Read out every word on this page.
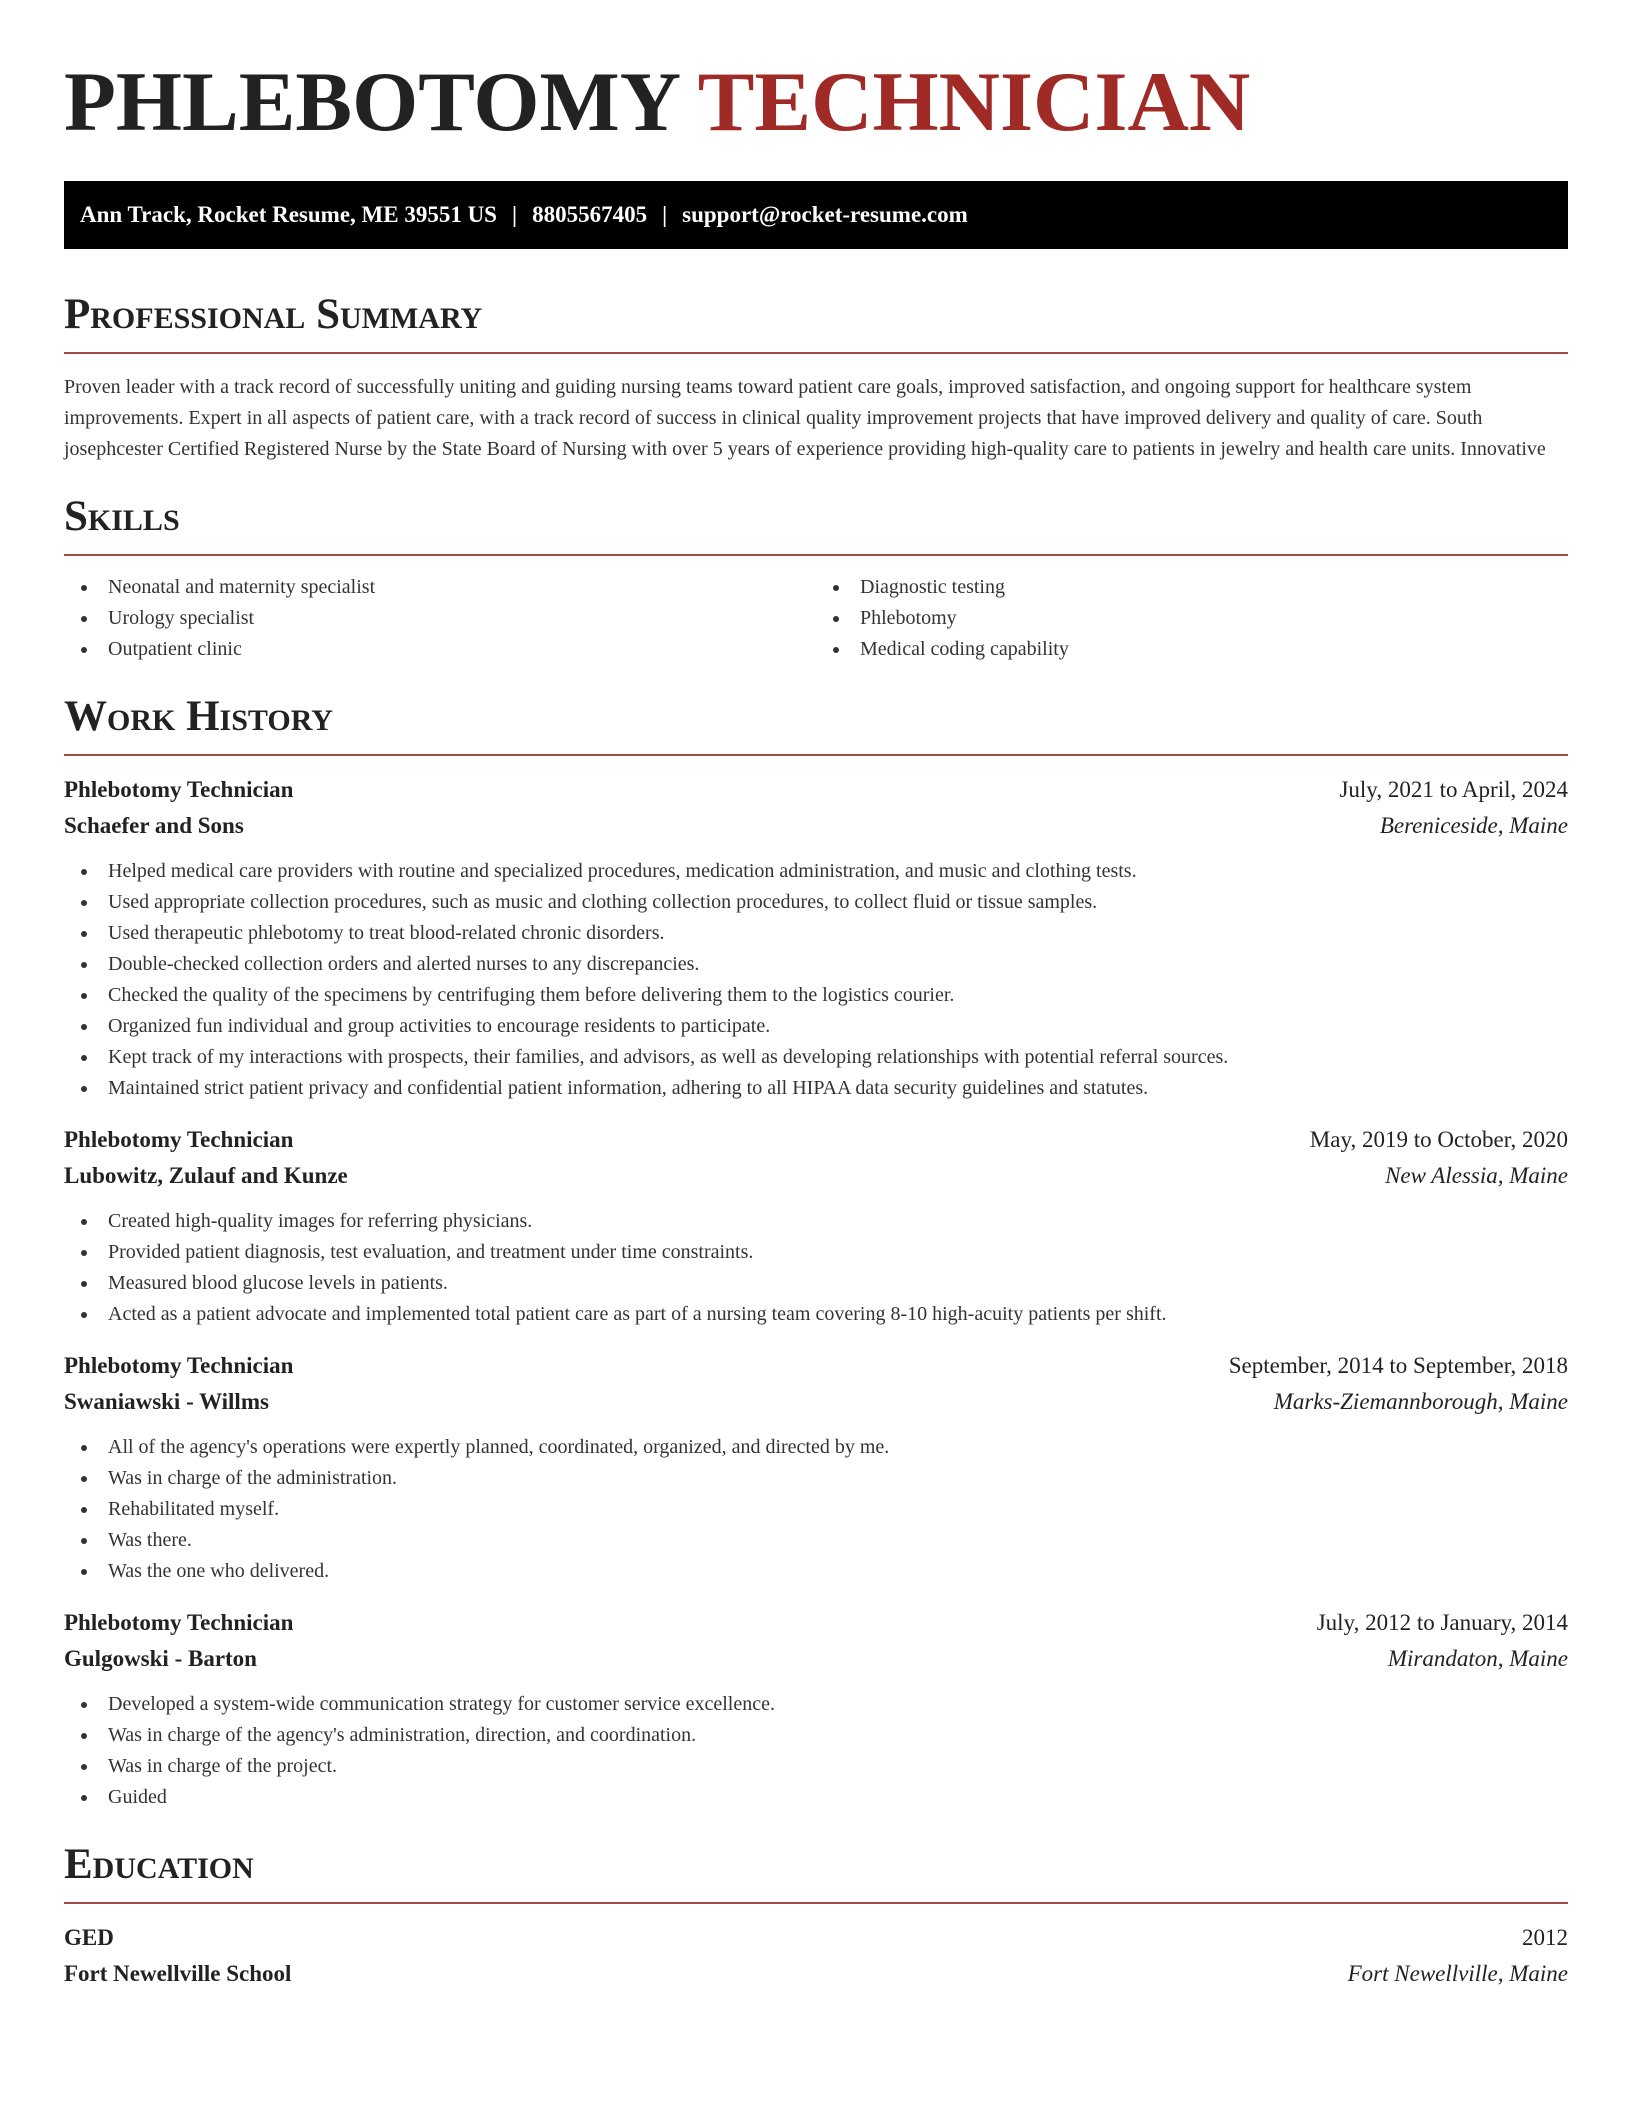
PHLEBOTOMY TECHNICIAN
Ann Track, Rocket Resume, ME 39551 US | 8805567405 | support@rocket-resume.com
Professional Summary

Proven leader with a track record of successfully uniting and guiding nursing teams toward patient care goals, improved satisfaction, and ongoing support for healthcare system improvements. Expert in all aspects of patient care, with a track record of success in clinical quality improvement projects that have improved delivery and quality of care. South josephcester Certified Registered Nurse by the State Board of Nursing with over 5 years of experience providing high-quality care to patients in jewelry and health care units. Innovative

Skills
Neonatal and maternity specialist
Urology specialist
Outpatient clinic
Diagnostic testing
Phlebotomy
Medical coding capability
Work History
Phlebotomy Technician	July, 2021 to April, 2024
Schaefer and Sons	Bereniceside, Maine
Helped medical care providers with routine and specialized procedures, medication administration, and music and clothing tests.
Used appropriate collection procedures, such as music and clothing collection procedures, to collect fluid or tissue samples.
Used therapeutic phlebotomy to treat blood-related chronic disorders.
Double-checked collection orders and alerted nurses to any discrepancies.
Checked the quality of the specimens by centrifuging them before delivering them to the logistics courier.
Organized fun individual and group activities to encourage residents to participate.
Kept track of my interactions with prospects, their families, and advisors, as well as developing relationships with potential referral sources.
Maintained strict patient privacy and confidential patient information, adhering to all HIPAA data security guidelines and statutes.
Phlebotomy Technician	May, 2019 to October, 2020
Lubowitz, Zulauf and Kunze	New Alessia, Maine
Created high-quality images for referring physicians.
Provided patient diagnosis, test evaluation, and treatment under time constraints.
Measured blood glucose levels in patients.
Acted as a patient advocate and implemented total patient care as part of a nursing team covering 8-10 high-acuity patients per shift.
Phlebotomy Technician	September, 2014 to September, 2018
Swaniawski - Willms	Marks-Ziemannborough, Maine
All of the agency's operations were expertly planned, coordinated, organized, and directed by me.
Was in charge of the administration.
Rehabilitated myself.
Was there.
Was the one who delivered.
Phlebotomy Technician	July, 2012 to January, 2014
Gulgowski - Barton	Mirandaton, Maine
Developed a system-wide communication strategy for customer service excellence.
Was in charge of the agency's administration, direction, and coordination.
Was in charge of the project.
Guided
Education
GED	2012
Fort Newellville School	Fort Newellville, Maine
